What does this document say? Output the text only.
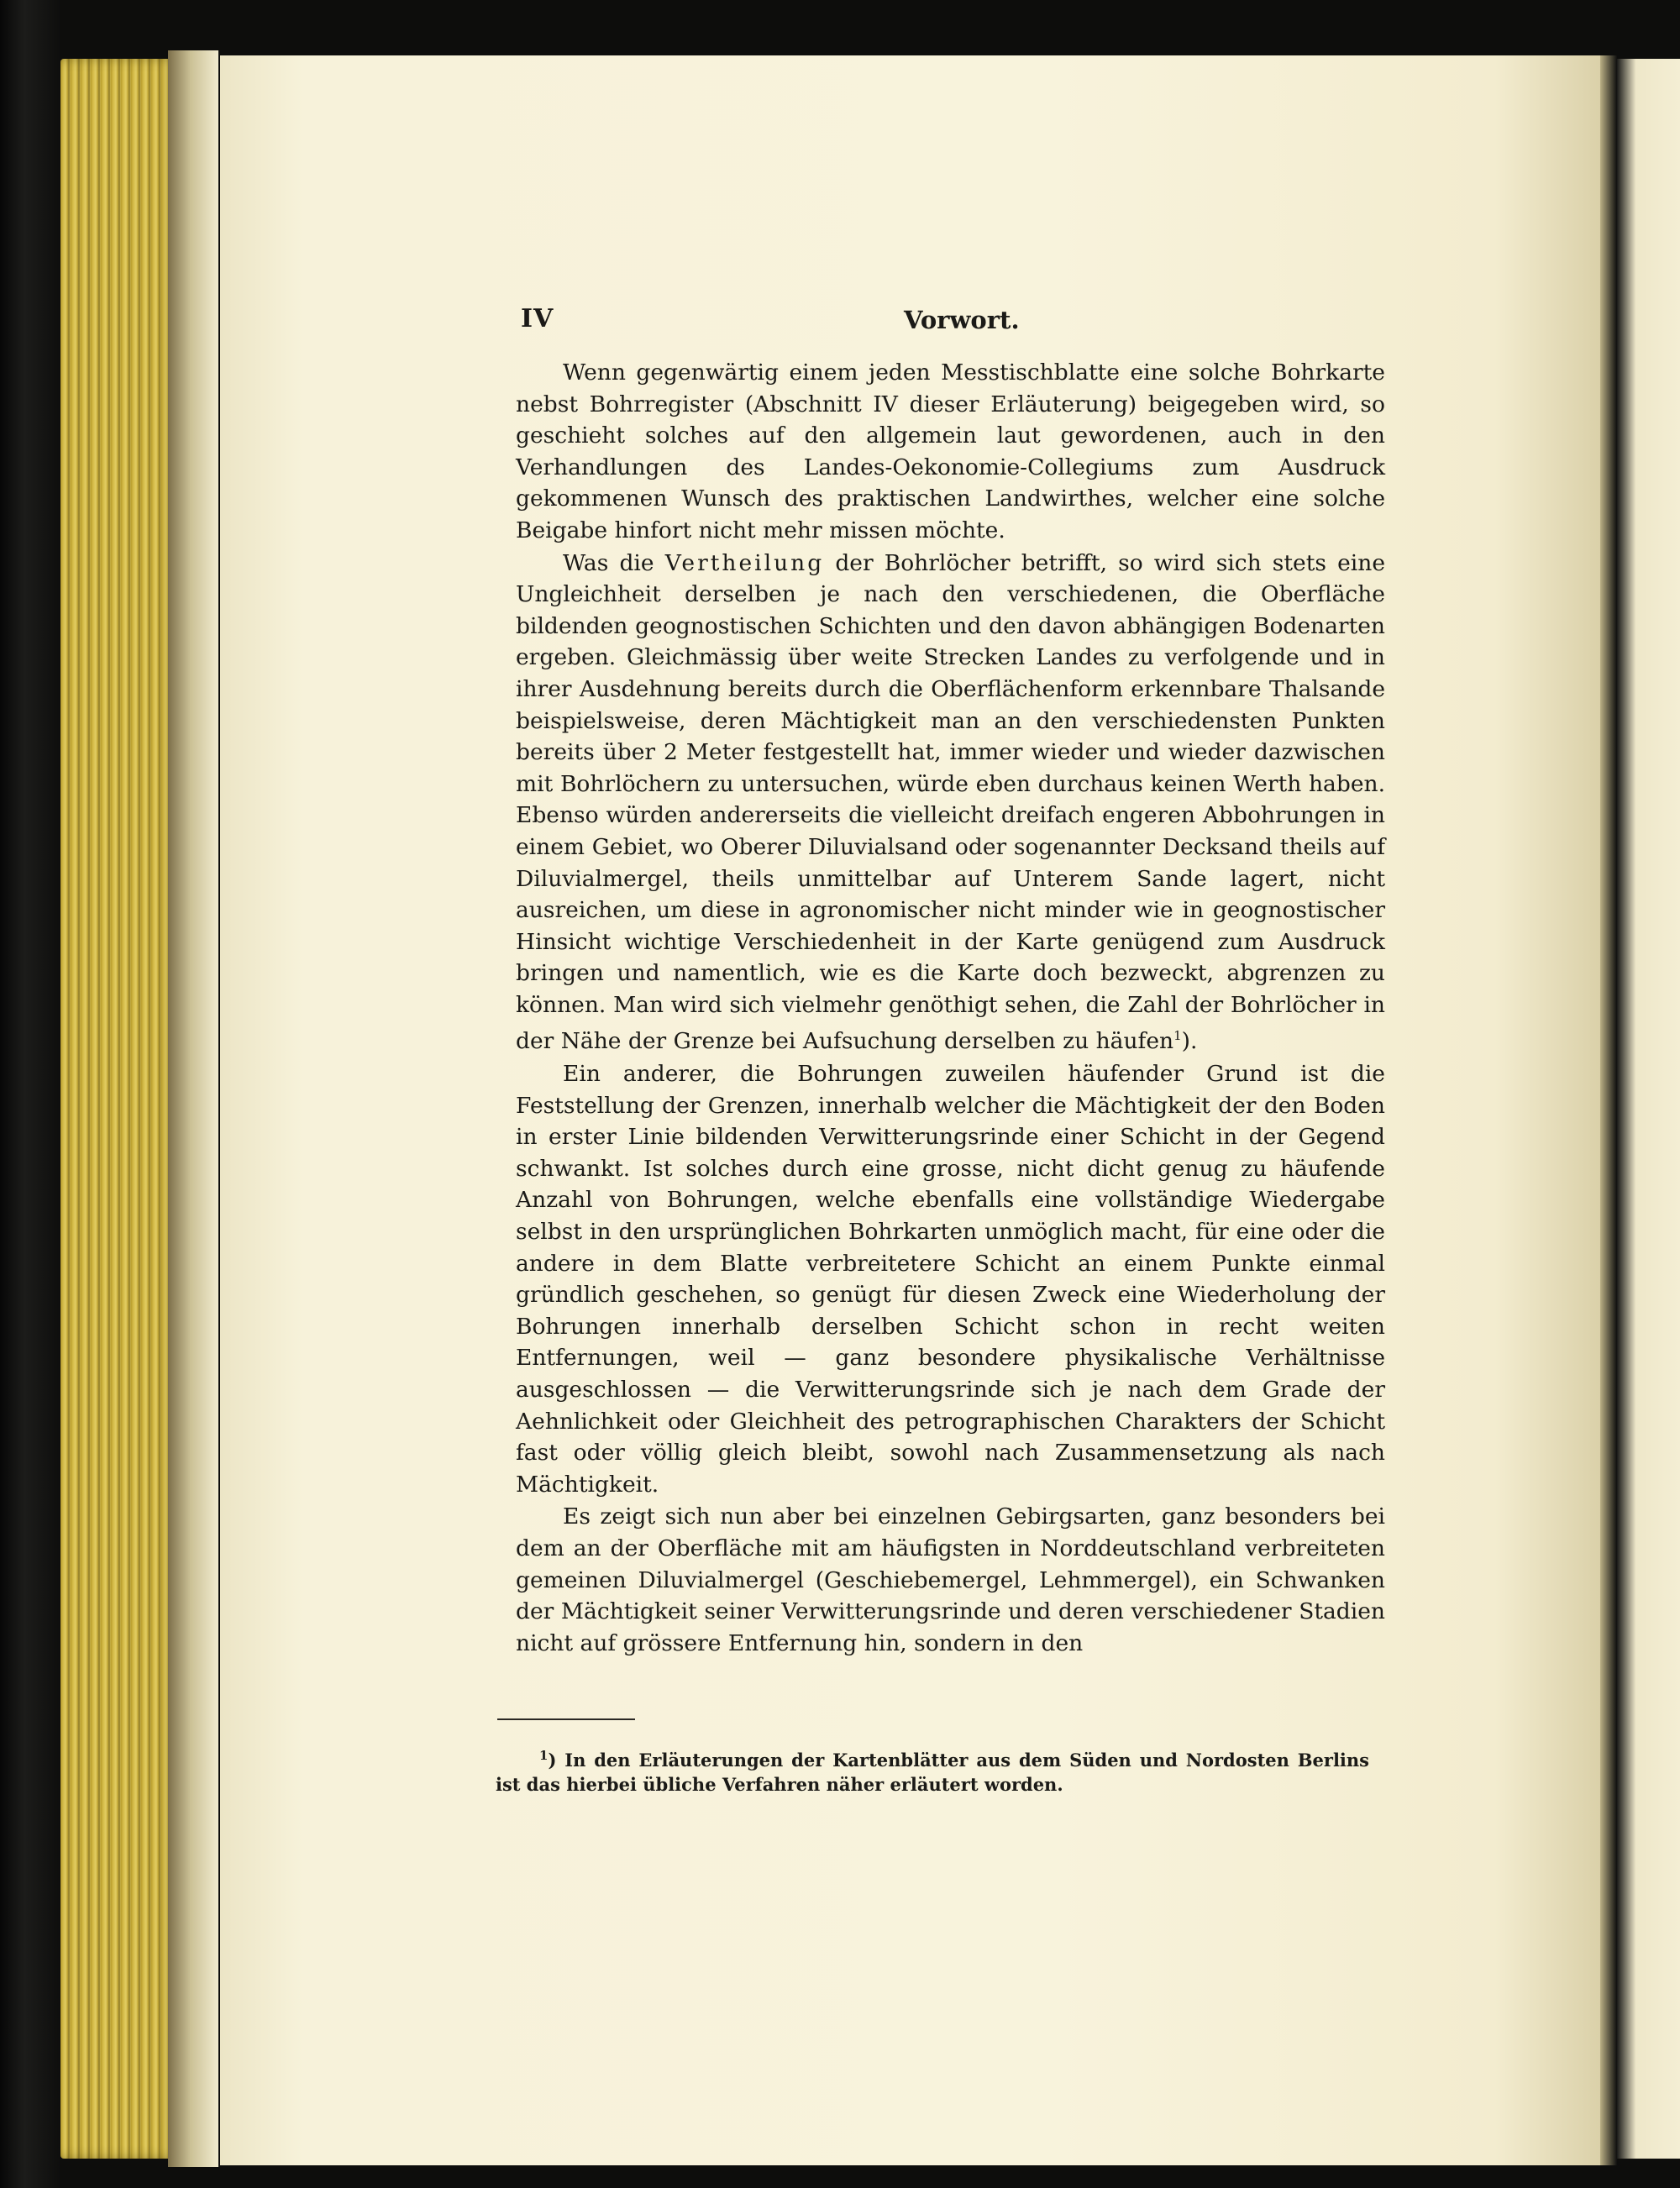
IV	Vorwort.

Wenn gegenwärtig einem jeden Messtischblatte eine solche Bohrkarte nebst Bohrregister (Abschnitt IV dieser Erläuterung) beigegeben wird, so geschieht solches auf den allgemein laut gewordenen, auch in den Verhandlungen des Landes-Oekonomie-Collegiums zum Ausdruck gekommenen Wunsch des praktischen Landwirthes, welcher eine solche Beigabe hinfort nicht mehr missen möchte.

Was die Vertheilung der Bohrlöcher betrifft, so wird sich stets eine Ungleichheit derselben je nach den verschiedenen, die Oberfläche bildenden geognostischen Schichten und den davon abhängigen Bodenarten ergeben. Gleichmässig über weite Strecken Landes zu verfolgende und in ihrer Ausdehnung bereits durch die Oberflächenform erkennbare Thalsande beispielsweise, deren Mächtigkeit man an den verschiedensten Punkten bereits über 2 Meter festgestellt hat, immer wieder und wieder dazwischen mit Bohrlöchern zu untersuchen, würde eben durchaus keinen Werth haben. Ebenso würden andererseits die vielleicht dreifach engeren Abbohrungen in einem Gebiet, wo Oberer Diluvialsand oder sogenannter Decksand theils auf Diluvialmergel, theils unmittelbar auf Unterem Sande lagert, nicht ausreichen, um diese in agronomischer nicht minder wie in geognostischer Hinsicht wichtige Verschiedenheit in der Karte genügend zum Ausdruck bringen und namentlich, wie es die Karte doch bezweckt, abgrenzen zu können. Man wird sich vielmehr genöthigt sehen, die Zahl der Bohrlöcher in der Nähe der Grenze bei Aufsuchung derselben zu häufen$^1$).

Ein anderer, die Bohrungen zuweilen häufender Grund ist die Feststellung der Grenzen, innerhalb welcher die Mächtigkeit der den Boden in erster Linie bildenden Verwitterungsrinde einer Schicht in der Gegend schwankt. Ist solches durch eine grosse, nicht dicht genug zu häufende Anzahl von Bohrungen, welche ebenfalls eine vollständige Wiedergabe selbst in den ursprünglichen Bohrkarten unmöglich macht, für eine oder die andere in dem Blatte verbreitetere Schicht an einem Punkte einmal gründlich geschehen, so genügt für diesen Zweck eine Wiederholung der Bohrungen innerhalb derselben Schicht schon in recht weiten Entfernungen, weil — ganz besondere physikalische Verhältnisse ausgeschlossen — die Verwitterungsrinde sich je nach dem Grade der Aehnlichkeit oder Gleichheit des petrographischen Charakters der Schicht fast oder völlig gleich bleibt, sowohl nach Zusammensetzung als nach Mächtigkeit.

Es zeigt sich nun aber bei einzelnen Gebirgsarten, ganz besonders bei dem an der Oberfläche mit am häufigsten in Norddeutschland verbreiteten gemeinen Diluvialmergel (Geschiebemergel, Lehmmergel), ein Schwanken der Mächtigkeit seiner Verwitterungsrinde und deren verschiedener Stadien nicht auf grössere Entfernung hin, sondern in den

$^1$) In den Erläuterungen der Kartenblätter aus dem Süden und Nordosten Berlins ist das hierbei übliche Verfahren näher erläutert worden.
